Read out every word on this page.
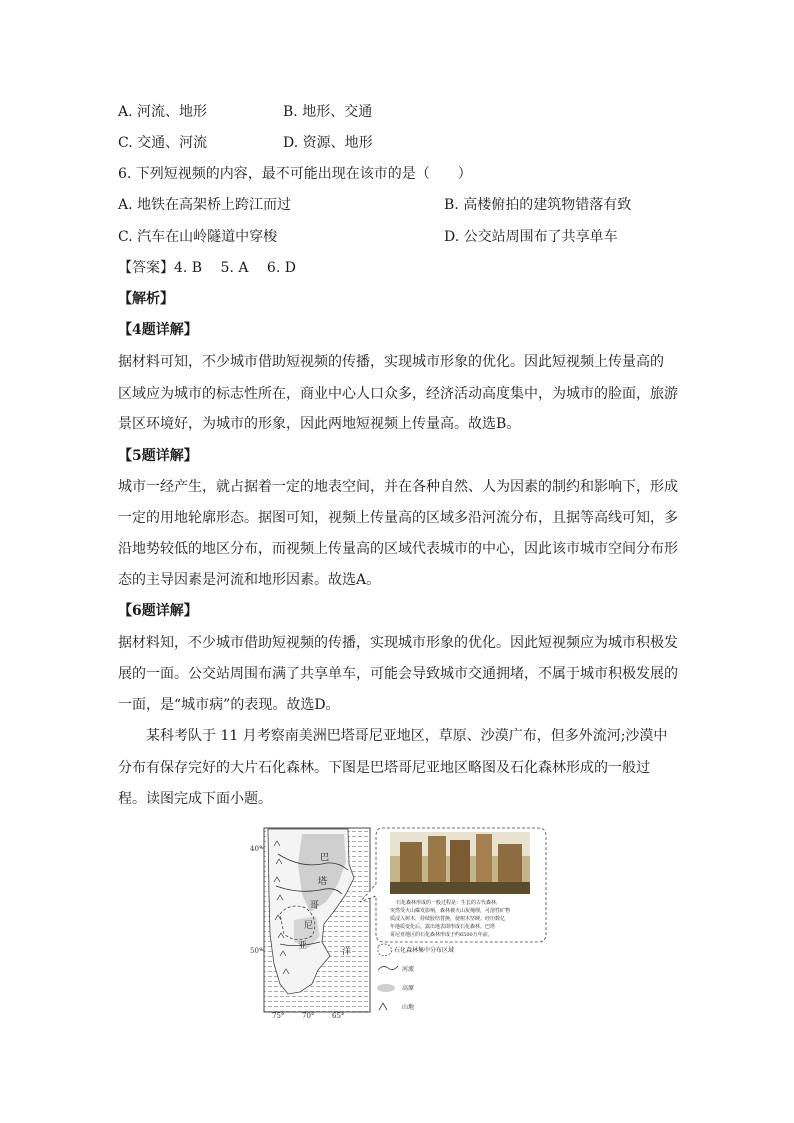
A. 河流、地形	B. 地形、交通
C. 交通、河流	D. 资源、地形
6. 下列短视频的内容，最不可能出现在该市的是（　　）
A. 地铁在高架桥上跨江而过	B. 高楼俯拍的建筑物错落有致
C. 汽车在山岭隧道中穿梭	D. 公交站周围布了共享单车
【答案】4. B　 5. A　 6. D
【解析】
【4题详解】
据材料可知，不少城市借助短视频的传播，实现城市形象的优化。因此短视频上传量高的
区域应为城市的标志性所在，商业中心人口众多，经济活动高度集中，为城市的脸面，旅游
景区环境好，为城市的形象，因此两地短视频上传量高。故选B。
【5题详解】
城市一经产生，就占据着一定的地表空间，并在各种自然、人为因素的制约和影响下，形成
一定的用地轮廓形态。据图可知，视频上传量高的区域多沿河流分布，且据等高线可知，多
沿地势较低的地区分布，而视频上传量高的区域代表城市的中心，因此该市城市空间分布形
态的主导因素是河流和地形因素。故选A。
【6题详解】
据材料知，不少城市借助短视频的传播，实现城市形象的优化。因此短视频应为城市积极发
展的一面。公交站周围布满了共享单车，可能会导致城市交通拥堵，不属于城市积极发展的
一面，是“城市病”的表现。故选D。
某科考队于 11 月考察南美洲巴塔哥尼亚地区，草原、沙漠广布，但多外流河;沙漠中
分布有保存完好的大片石化森林。下图是巴塔哥尼亚地区略图及石化森林形成的一般过
程。读图完成下面小题。
40°
50°
75°	70°	65°
巴
塔
哥
尼
亚
洋
石化森林形成的一般过程是：生长的古代森林，
突然受火山爆发影响，森林被火山灰掩埋，可溶性矿物
质浸入树木，持续胶结替换，使树木坚硬。经历数亿
年地质变化后，露出地表即形成石化森林。巴塔
哥尼亚地区的石化森林形成于约6500万年前。
石化森林集中分布区域
河流
高原
山地
